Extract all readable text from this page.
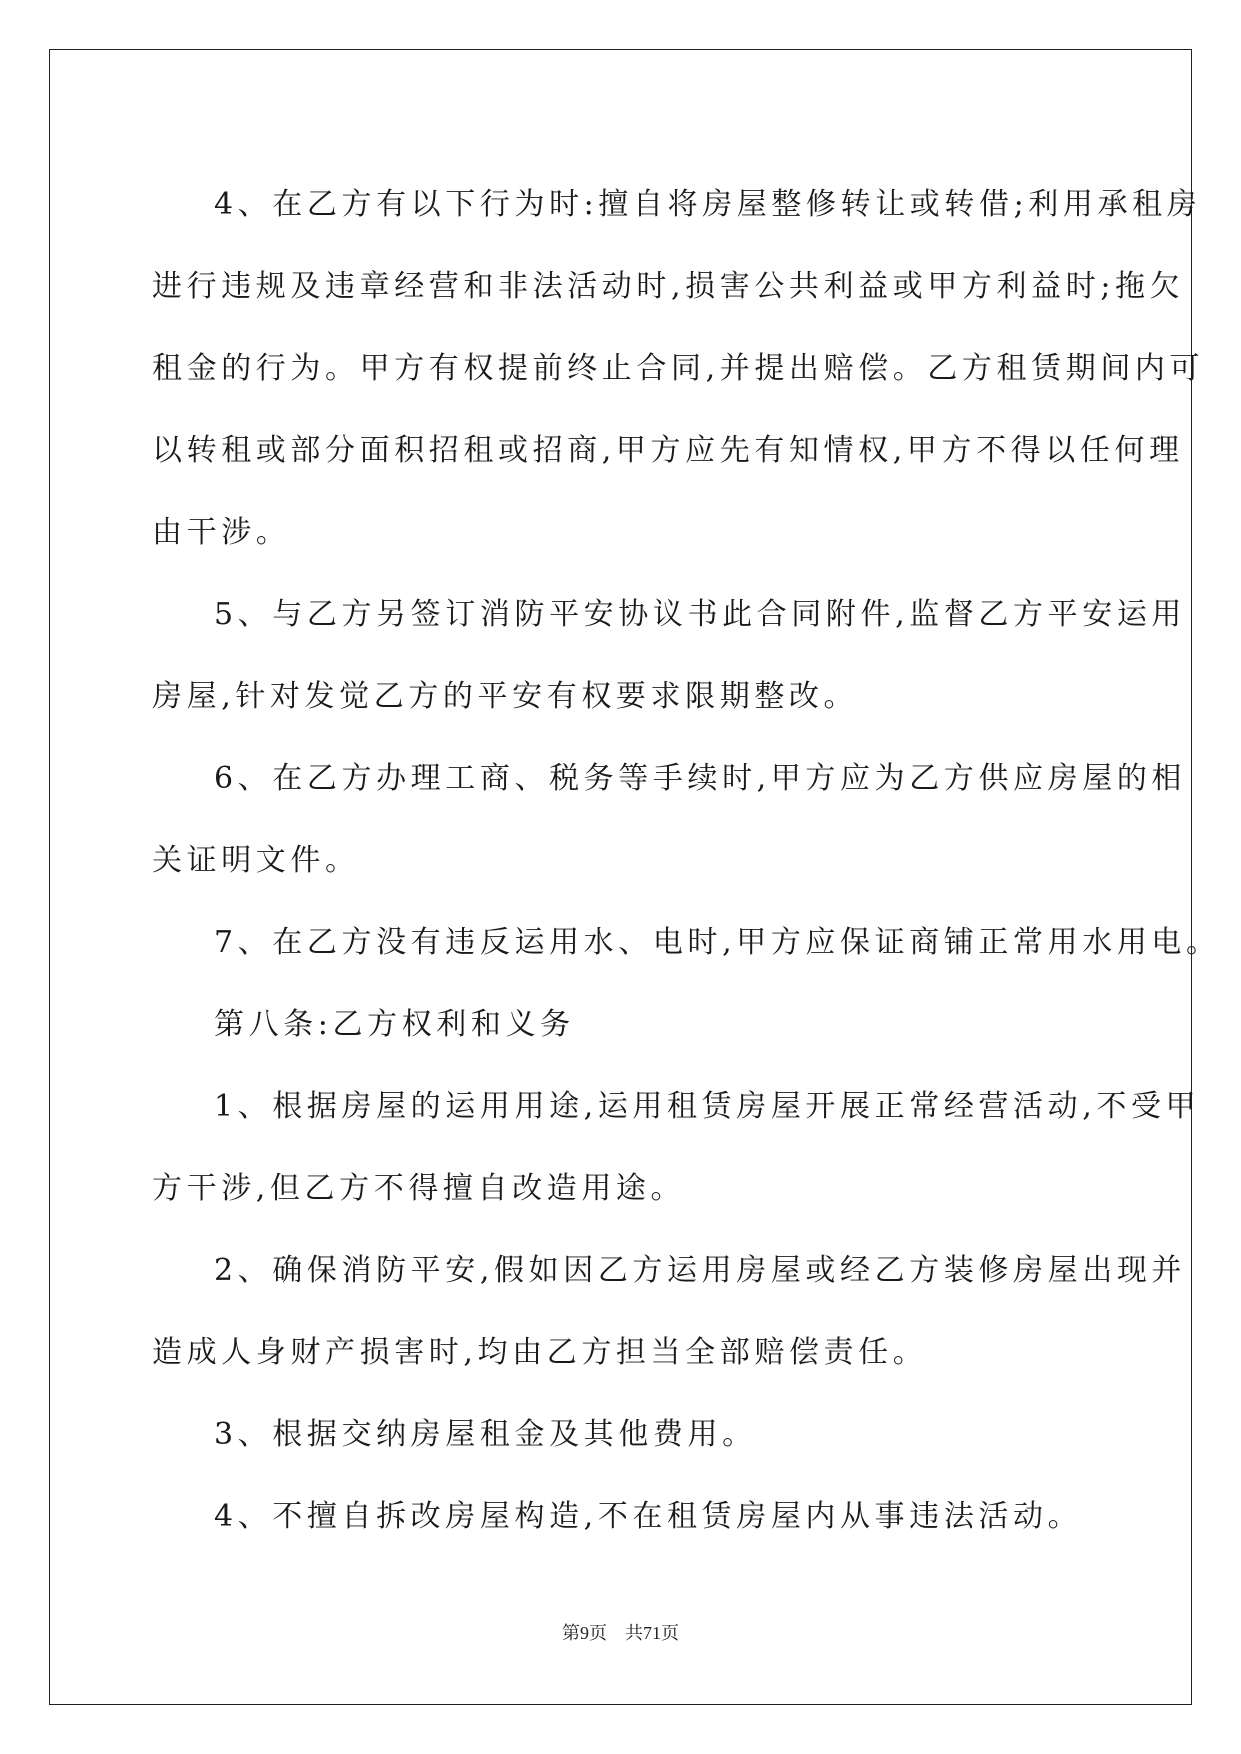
4、在乙方有以下行为时:擅自将房屋整修转让或转借;利用承租房
进行违规及违章经营和非法活动时,损害公共利益或甲方利益时;拖欠
租金的行为。甲方有权提前终止合同,并提出赔偿。乙方租赁期间内可
以转租或部分面积招租或招商,甲方应先有知情权,甲方不得以任何理
由干涉。
5、与乙方另签订消防平安协议书此合同附件,监督乙方平安运用
房屋,针对发觉乙方的平安有权要求限期整改。
6、在乙方办理工商、税务等手续时,甲方应为乙方供应房屋的相
关证明文件。
7、在乙方没有违反运用水、电时,甲方应保证商铺正常用水用电。
第八条:乙方权利和义务
1、根据房屋的运用用途,运用租赁房屋开展正常经营活动,不受甲
方干涉,但乙方不得擅自改造用途。
2、确保消防平安,假如因乙方运用房屋或经乙方装修房屋出现并
造成人身财产损害时,均由乙方担当全部赔偿责任。
3、根据交纳房屋租金及其他费用。
4、不擅自拆改房屋构造,不在租赁房屋内从事违法活动。
第9页 共71页
